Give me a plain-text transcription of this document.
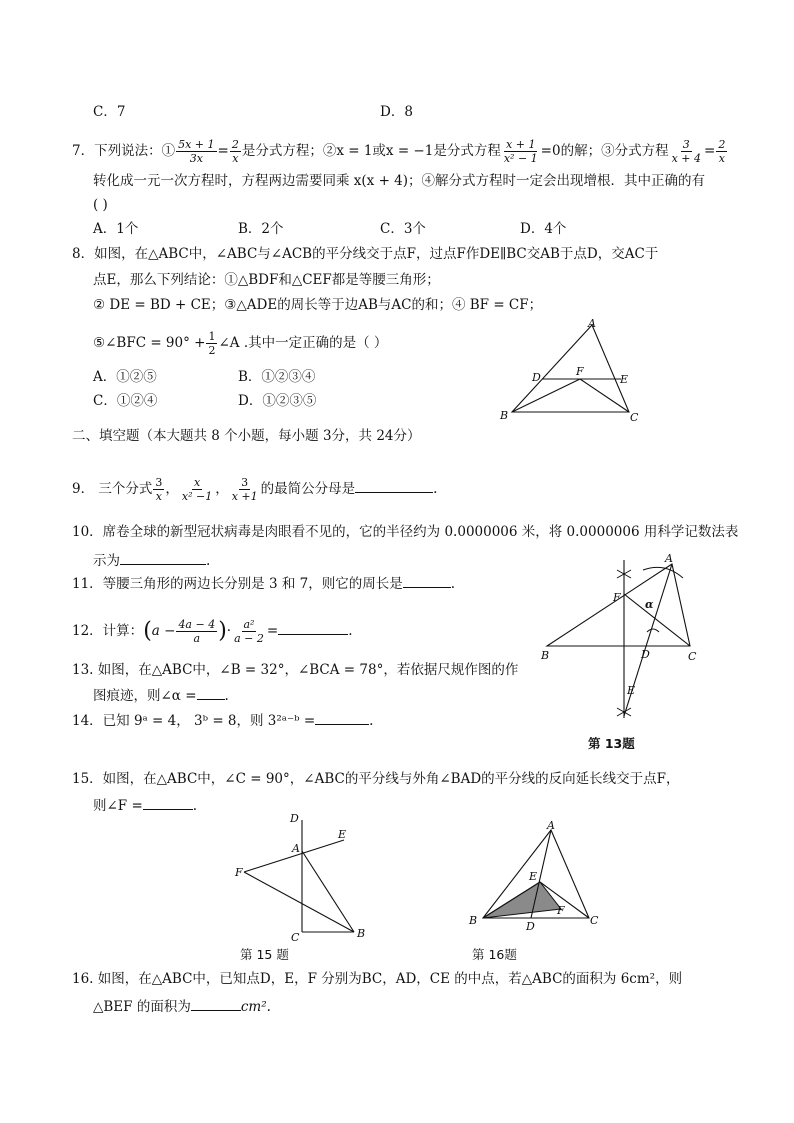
C．7	D．8
7．下列说法：① $\frac{5x + 1}{3x} = \frac{2}{x}$ 是分式方程；②x = 1或x = −1是分式方程 $\frac{x + 1}{\text{x² − 1}} =0$的解；③分式方程 $\frac{3}{x + 4} = \frac{2}{x}$
转化成一元一次方程时，方程两边需要同乘 x(x + 4)；④解分式方程时一定会出现增根．其中正确的有
( )
A．1个	B．2个	C．3个	D．4个
8．如图，在△ABC中，∠ABC与∠ACB的平分线交于点F，过点F作DE∥BC交AB于点D，交AC于
点E，那么下列结论：①△BDF和△CEF都是等腰三角形；
② DE = BD + CE；③△ADE的周长等于边AB与AC的和；④ BF = CF；
⑤∠BFC = $90^\circ + \frac{1}{2}$ ∠A .其中一定正确的是（ ）
A．①②⑤	B．①②③④
C．①②④	D．①②③⑤
A
B	C
D	E
F
二、填空题（本大题共 8 个小题，每小题 3分，共 24分）
9． 三个分式 $\frac{3}{x}$ ， $\frac{x}{\text{x² −1}}$ ， $\frac{3}{x +1}$ 的最简公分母是	.
10．席卷全球的新型冠状病毒是肉眼看不见的，它的半径约为 0.0000006 米，将 0.0000006 用科学记数法表
示为	.
11．等腰三角形的两边长分别是 3 和 7，则它的周长是	.
12．计算：($a - \frac{4a - 4}{a}$ )· $\frac{\text{a²}}{a - 2}$ =	.
13. 如图，在△ABC中，∠B = 32°，∠BCA = 78°，若依据尺规作图的作
图痕迹，则∠α = .
A
B	C
D
E
F
α
第 13题
14．已知 9ᵃ = 4， 3ᵇ = 8，则 3²ᵃ⁻ᵇ =	.
15．如图，在△ABC中，∠C = 90°，∠ABC的平分线与外角∠BAD的平分线的反向延长线交于点F，
则∠F =	.
D
E
A
F
C	B
第 15 题
A
B	C
D
E
F
第 16题
16. 如图，在△ABC中，已知点D，E，F 分别为BC，AD，CE 的中点，若△ABC的面积为 6cm²，则
△BEF 的面积为	cm².
